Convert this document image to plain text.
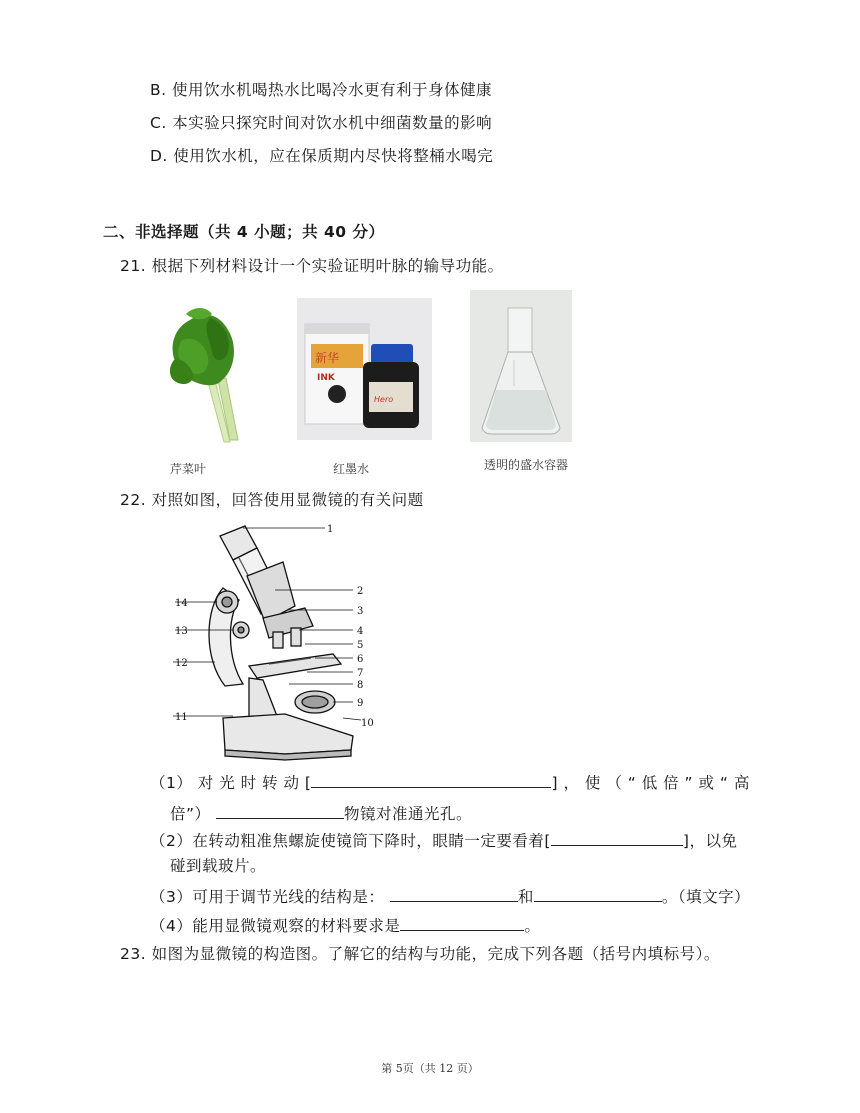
B. 使用饮水机喝热水比喝冷水更有利于身体健康
C. 本实验只探究时间对饮水机中细菌数量的影响
D. 使用饮水机，应在保质期内尽快将整桶水喝完
二、非选择题（共 4 小题；共 40 分）
21. 根据下列材料设计一个实验证明叶脉的输导功能。
芹菜叶
新华
INK
Hero
红墨水	透明的盛水容器
22. 对照如图，回答使用显微镜的有关问题
1
2
3
4
5
6
7
8
9
10
11
12
13
14
（1） 对 光 时 转 动 [	] ， 使 （ “ 低 倍 ” 或 “ 高
倍”）	物镜对准通光孔。
（2）在转动粗准焦螺旋使镜筒下降时，眼睛一定要看着[	]，以免
碰到载玻片。
（3）可用于调节光线的结构是：	和	。（填文字）
（4）能用显微镜观察的材料要求是	。
23. 如图为显微镜的构造图。了解它的结构与功能，完成下列各题（括号内填标号）。
第 5页（共 12 页）
